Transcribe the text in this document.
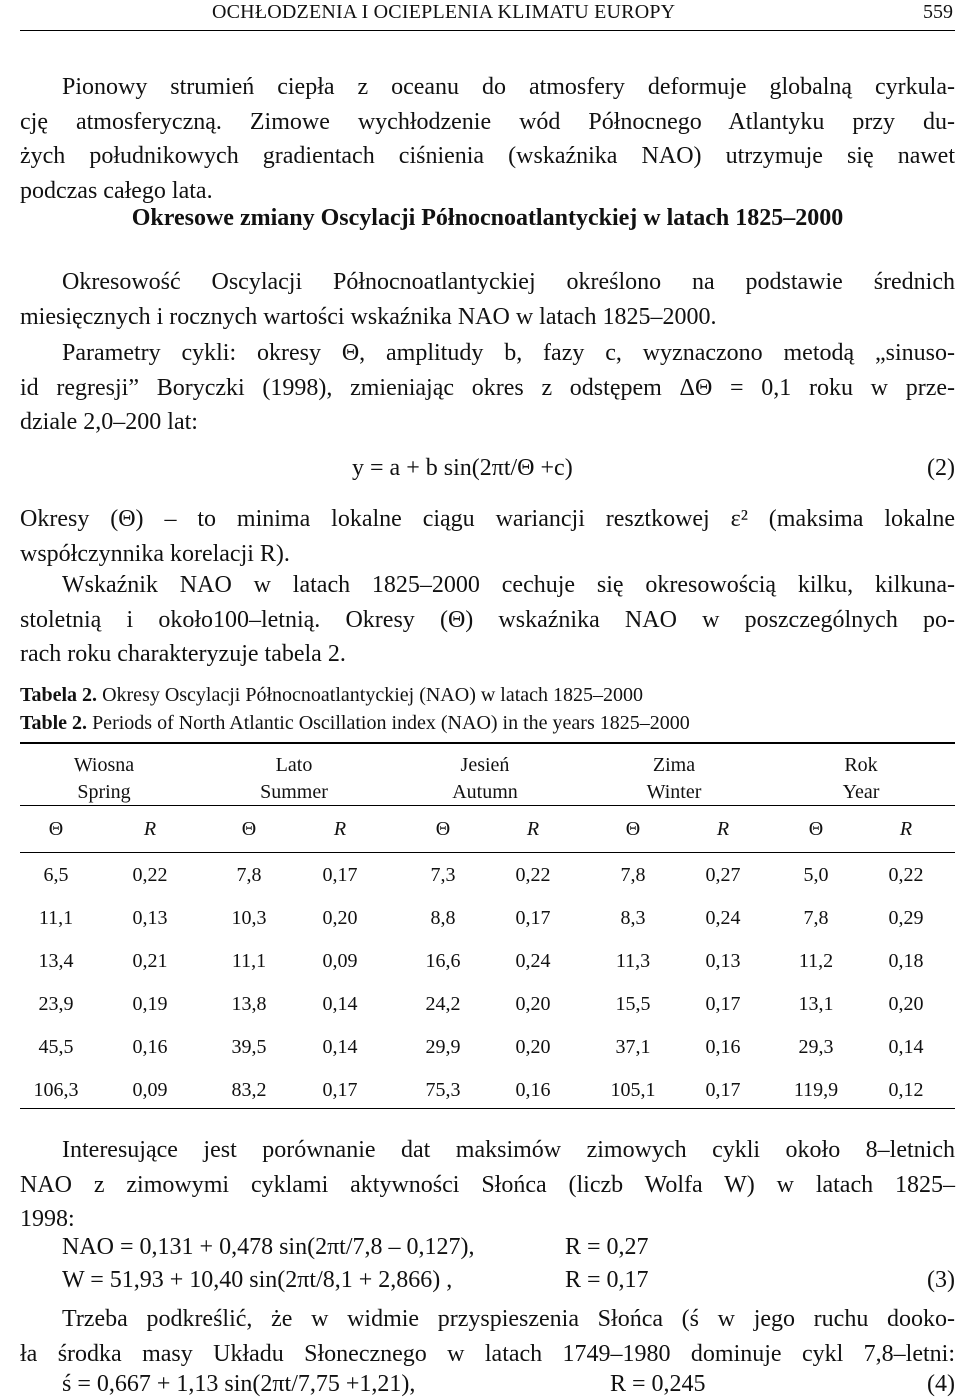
OCHŁODZENIA I OCIEPLENIA KLIMATU EUROPY	559
Pionowy strumień ciepła z oceanu do atmosfery deformuje globalną cyrkula-
cję atmosferyczną. Zimowe wychłodzenie wód Północnego Atlantyku przy du-
żych południkowych gradientach ciśnienia (wskaźnika NAO) utrzymuje się nawet
podczas całego lata.
Okresowe zmiany Oscylacji Północnoatlantyckiej w latach 1825–2000
Okresowość Oscylacji Północnoatlantyckiej określono na podstawie średnich
miesięcznych i rocznych wartości wskaźnika NAO w latach 1825–2000.
Parametry cykli: okresy Θ, amplitudy b, fazy c, wyznaczono metodą „sinuso-
id regresji” Boryczki (1998), zmieniając okres z odstępem ΔΘ = 0,1 roku w prze-
dziale 2,0–200 lat:
y = a + b sin(2πt/Θ +c)	(2)
Okresy (Θ) – to minima lokalne ciągu wariancji resztkowej ε² (maksima lokalne
współczynnika korelacji R).
Wskaźnik NAO w latach 1825–2000 cechuje się okresowością kilku, kilkuna-
stoletnią i około100–letnią. Okresy (Θ) wskaźnika NAO w poszczególnych po-
rach roku charakteryzuje tabela 2.
Tabela 2. Okresy Oscylacji Północnoatlantyckiej (NAO) w latach 1825–2000
Table 2. Periods of North Atlantic Oscillation index (NAO) in the years 1825–2000
Wiosna
Spring
Lato
Summer
Jesień
Autumn
Zima
Winter
Rok
Year
Θ	R	Θ	R	Θ	R	Θ	R	Θ	R
6,5	0,22	7,8	0,17	7,3	0,22	7,8	0,27	5,0	0,22
11,1	0,13	10,3	0,20	8,8	0,17	8,3	0,24	7,8	0,29
13,4	0,21	11,1	0,09	16,6	0,24	11,3	0,13	11,2	0,18
23,9	0,19	13,8	0,14	24,2	0,20	15,5	0,17	13,1	0,20
45,5	0,16	39,5	0,14	29,9	0,20	37,1	0,16	29,3	0,14
106,3	0,09	83,2	0,17	75,3	0,16	105,1	0,17	119,9	0,12
Interesujące jest porównanie dat maksimów zimowych cykli około 8–letnich
NAO z zimowymi cyklami aktywności Słońca (liczb Wolfa W) w latach 1825–
1998:
NAO = 0,131 + 0,478 sin(2πt/7,8 – 0,127),	R = 0,27
W = 51,93 + 10,40 sin(2πt/8,1 + 2,866) ,	R = 0,17	(3)
Trzeba podkreślić, że w widmie przyspieszenia Słońca (ś w jego ruchu dooko-
ła środka masy Układu Słonecznego w latach 1749–1980 dominuje cykl 7,8–letni:
ś = 0,667 + 1,13 sin(2πt/7,75 +1,21),	R = 0,245	(4)
